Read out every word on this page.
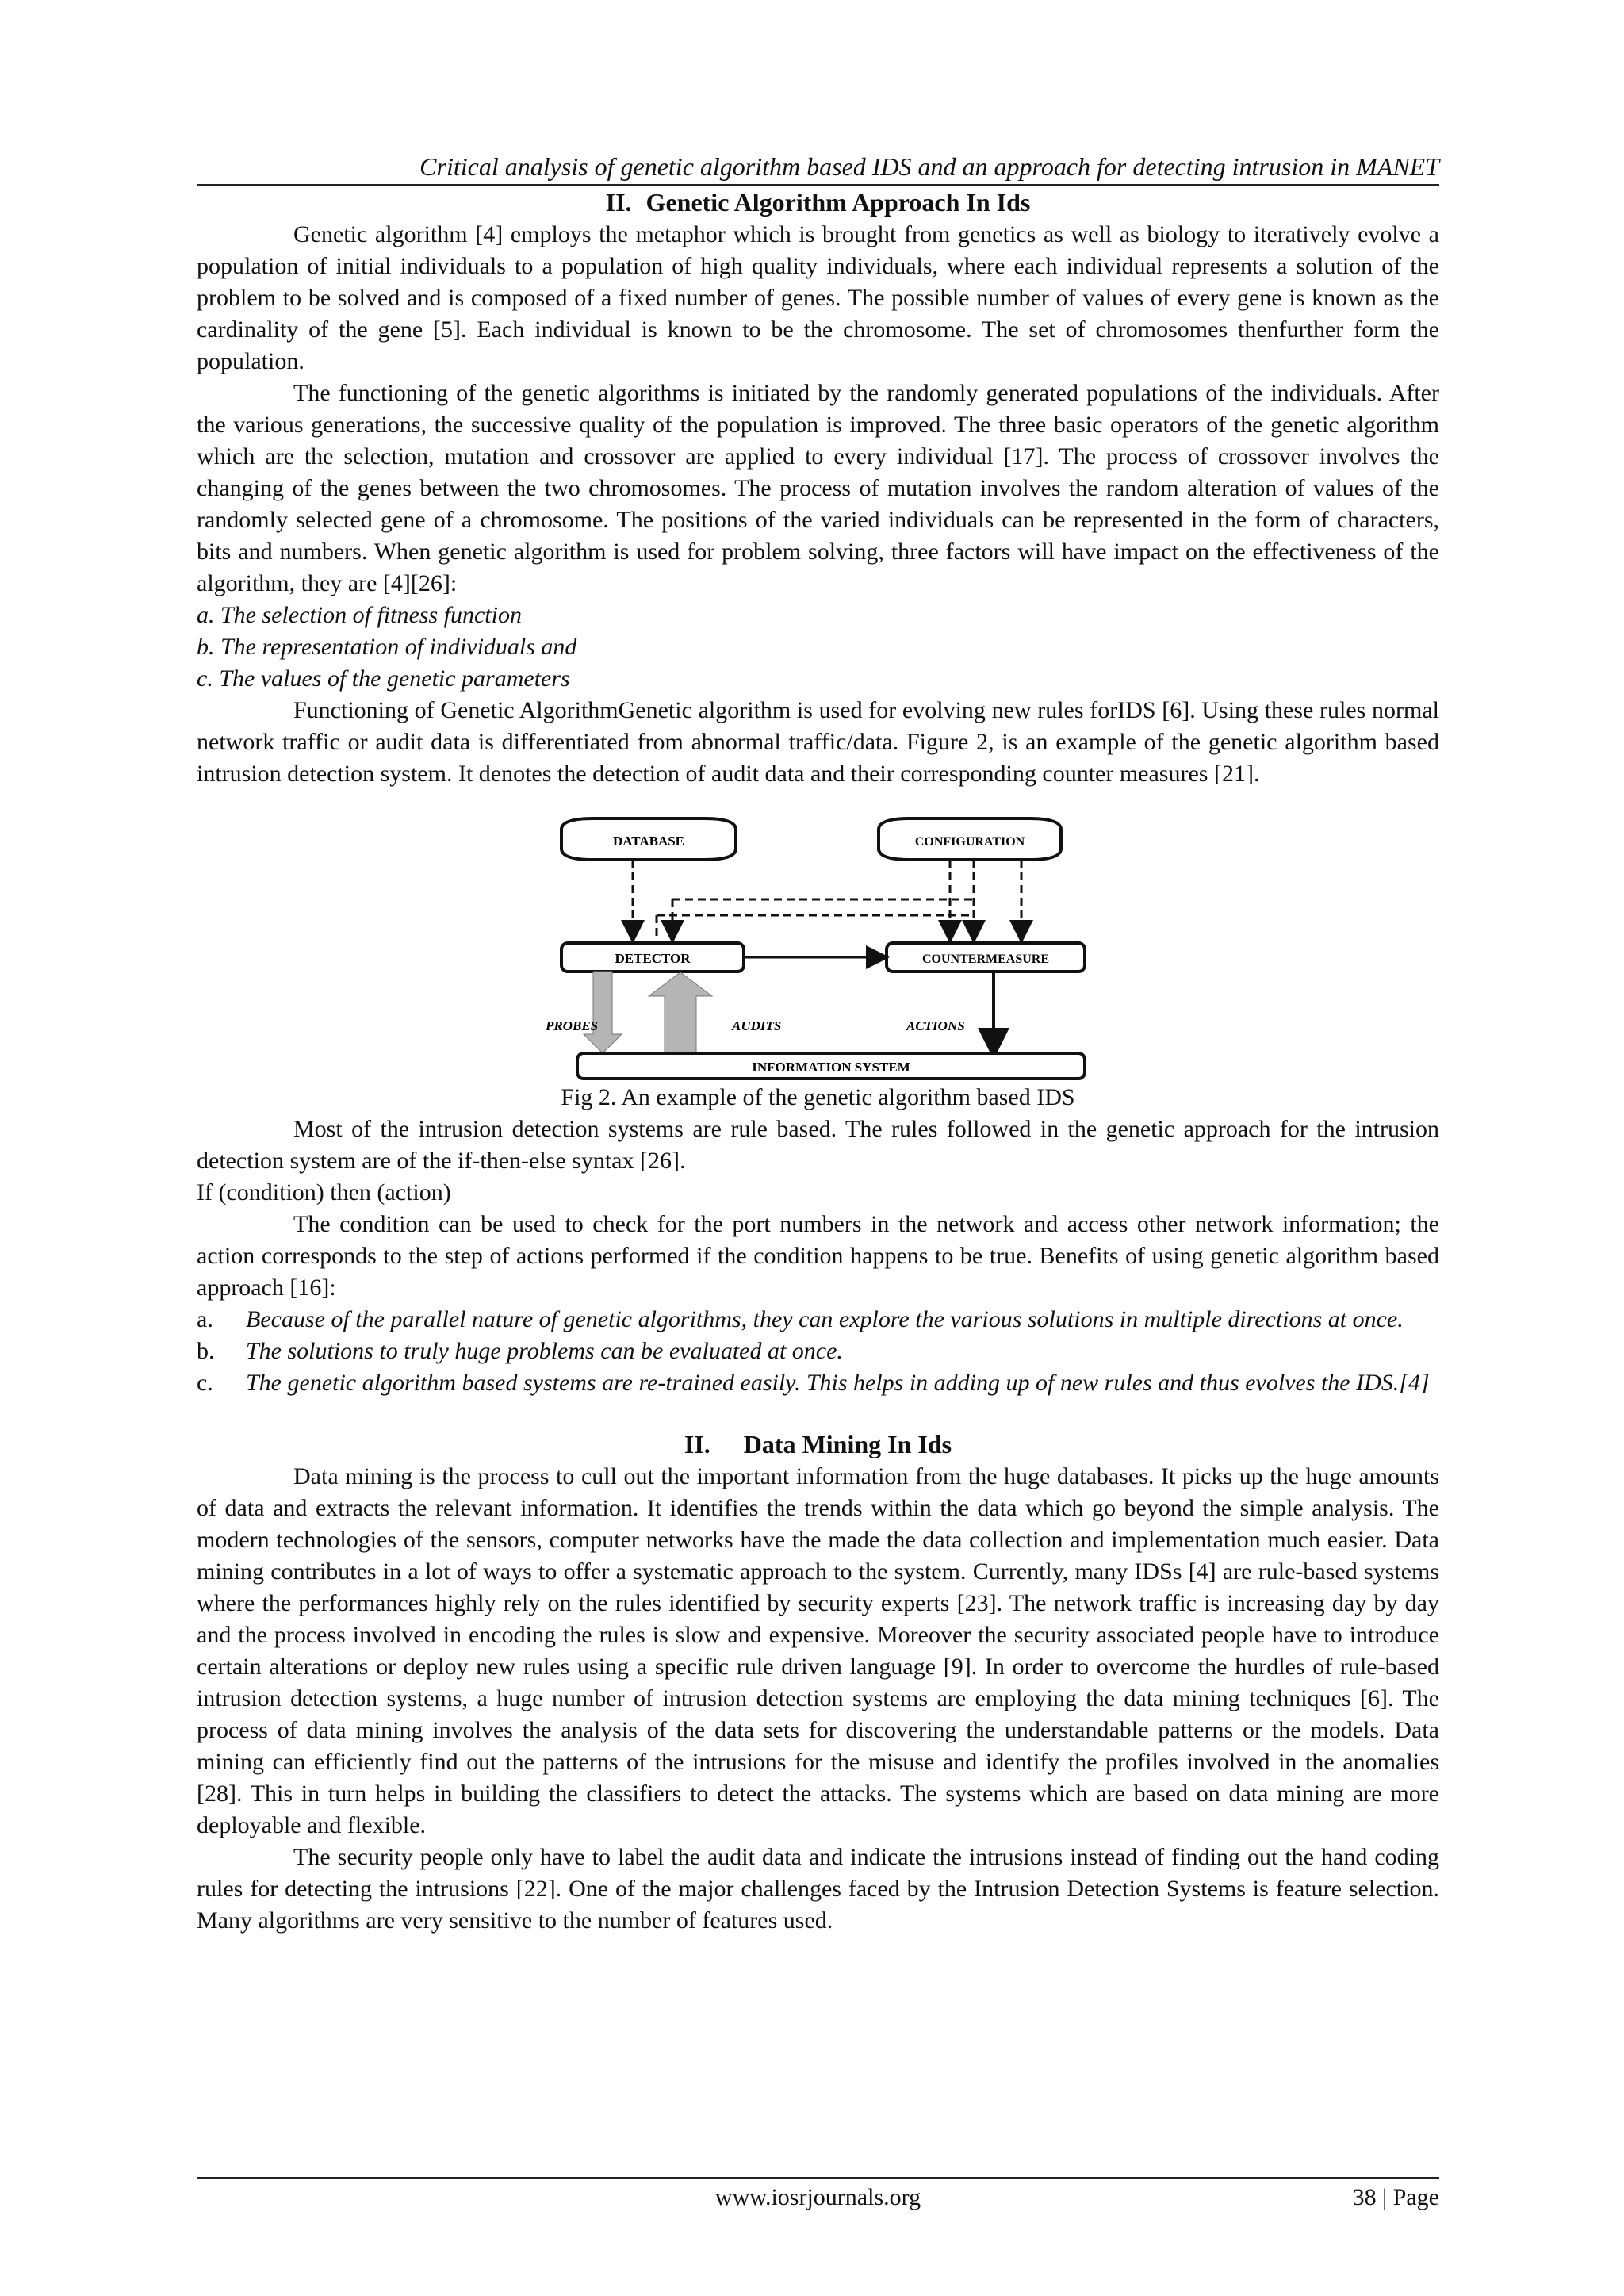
Critical analysis of genetic algorithm based IDS and an approach for detecting intrusion in MANET
II. Genetic Algorithm Approach In Ids

Genetic algorithm [4] employs the metaphor which is brought from genetics as well as biology to iteratively evolve a population of initial individuals to a population of high quality individuals, where each individual represents a solution of the problem to be solved and is composed of a fixed number of genes. The possible number of values of every gene is known as the cardinality of the gene [5]. Each individual is known to be the chromosome. The set of chromosomes thenfurther form the population.

The functioning of the genetic algorithms is initiated by the randomly generated populations of the individuals. After the various generations, the successive quality of the population is improved. The three basic operators of the genetic algorithm which are the selection, mutation and crossover are applied to every individual [17]. The process of crossover involves the changing of the genes between the two chromosomes. The process of mutation involves the random alteration of values of the randomly selected gene of a chromosome. The positions of the varied individuals can be represented in the form of characters, bits and numbers. When genetic algorithm is used for problem solving, three factors will have impact on the effectiveness of the algorithm, they are [4][26]:

a. The selection of fitness function
b. The representation of individuals and
c. The values of the genetic parameters

Functioning of Genetic AlgorithmGenetic algorithm is used for evolving new rules forIDS [6]. Using these rules normal network traffic or audit data is differentiated from abnormal traffic/data. Figure 2, is an example of the genetic algorithm based intrusion detection system. It denotes the detection of audit data and their corresponding counter measures [21].

DATABASE	CONFIGURATION
DETECTOR	COUNTERMEASURE
PROBES	AUDITS	ACTIONS
INFORMATION SYSTEM
Fig 2. An example of the genetic algorithm based IDS

Most of the intrusion detection systems are rule based. The rules followed in the genetic approach for the intrusion detection system are of the if-then-else syntax [26].

If (condition) then (action)

The condition can be used to check for the port numbers in the network and access other network information; the action corresponds to the step of actions performed if the condition happens to be true. Benefits of using genetic algorithm based approach [16]:

a. Because of the parallel nature of genetic algorithms, they can explore the various solutions in multiple directions at once.
b. The solutions to truly huge problems can be evaluated at once.
c. The genetic algorithm based systems are re-trained easily. This helps in adding up of new rules and thus evolves the IDS.[4]
II. Data Mining In Ids

Data mining is the process to cull out the important information from the huge databases. It picks up the huge amounts of data and extracts the relevant information. It identifies the trends within the data which go beyond the simple analysis. The modern technologies of the sensors, computer networks have the made the data collection and implementation much easier. Data mining contributes in a lot of ways to offer a systematic approach to the system. Currently, many IDSs [4] are rule-based systems where the performances highly rely on the rules identified by security experts [23]. The network traffic is increasing day by day and the process involved in encoding the rules is slow and expensive. Moreover the security associated people have to introduce certain alterations or deploy new rules using a specific rule driven language [9]. In order to overcome the hurdles of rule-based intrusion detection systems, a huge number of intrusion detection systems are employing the data mining techniques [6]. The process of data mining involves the analysis of the data sets for discovering the understandable patterns or the models. Data mining can efficiently find out the patterns of the intrusions for the misuse and identify the profiles involved in the anomalies [28]. This in turn helps in building the classifiers to detect the attacks. The systems which are based on data mining are more deployable and flexible.

The security people only have to label the audit data and indicate the intrusions instead of finding out the hand coding rules for detecting the intrusions [22]. One of the major challenges faced by the Intrusion Detection Systems is feature selection. Many algorithms are very sensitive to the number of features used.

www.iosrjournals.org	38 | Page
